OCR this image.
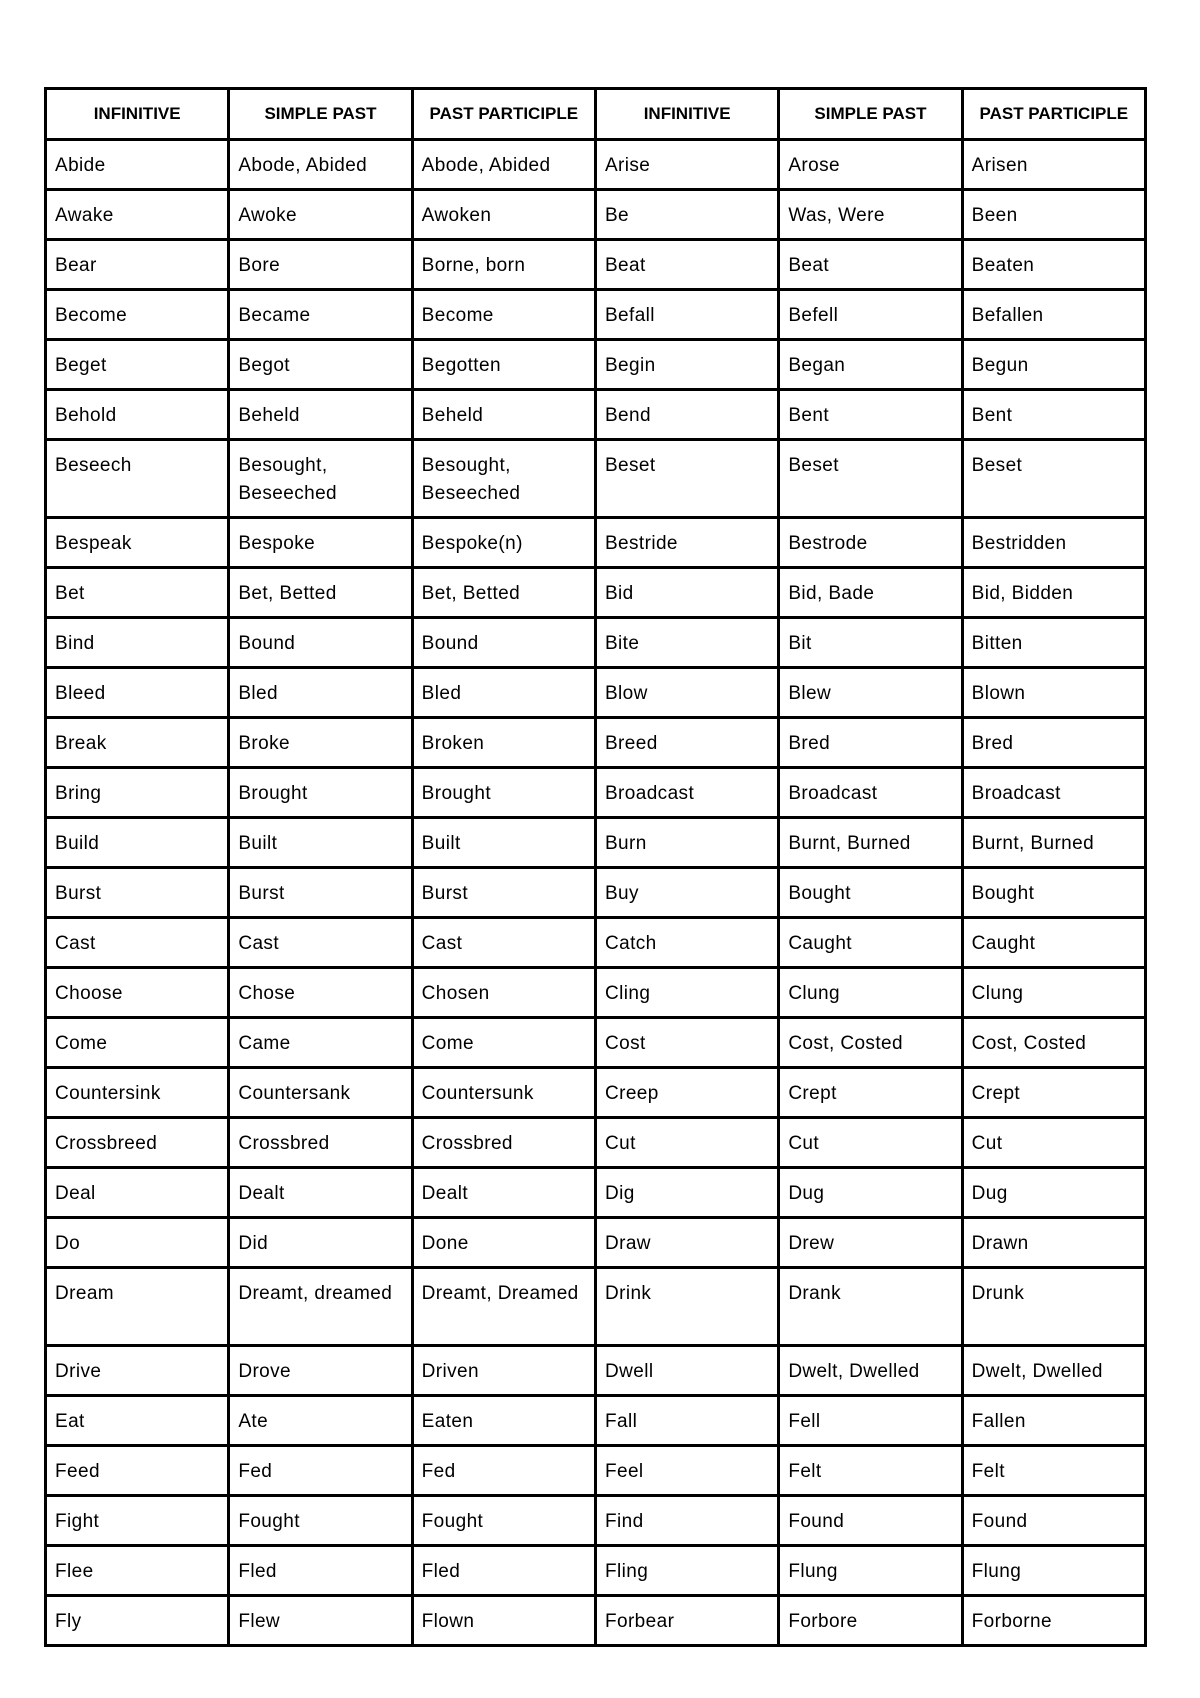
INFINITIVE	SIMPLE PAST	PAST PARTICIPLE	INFINITIVE	SIMPLE PAST	PAST PARTICIPLE
Abide	Abode, Abided	Abode, Abided	Arise	Arose	Arisen
Awake	Awoke	Awoken	Be	Was, Were	Been
Bear	Bore	Borne, born	Beat	Beat	Beaten
Become	Became	Become	Befall	Befell	Befallen
Beget	Begot	Begotten	Begin	Began	Begun
Behold	Beheld	Beheld	Bend	Bent	Bent
Beseech	Besought, Beseeched	Besought, Beseeched	Beset	Beset	Beset
Bespeak	Bespoke	Bespoke(n)	Bestride	Bestrode	Bestridden
Bet	Bet, Betted	Bet, Betted	Bid	Bid, Bade	Bid, Bidden
Bind	Bound	Bound	Bite	Bit	Bitten
Bleed	Bled	Bled	Blow	Blew	Blown
Break	Broke	Broken	Breed	Bred	Bred
Bring	Brought	Brought	Broadcast	Broadcast	Broadcast
Build	Built	Built	Burn	Burnt, Burned	Burnt, Burned
Burst	Burst	Burst	Buy	Bought	Bought
Cast	Cast	Cast	Catch	Caught	Caught
Choose	Chose	Chosen	Cling	Clung	Clung
Come	Came	Come	Cost	Cost, Costed	Cost, Costed
Countersink	Countersank	Countersunk	Creep	Crept	Crept
Crossbreed	Crossbred	Crossbred	Cut	Cut	Cut
Deal	Dealt	Dealt	Dig	Dug	Dug
Do	Did	Done	Draw	Drew	Drawn
Dream	Dreamt, dreamed	Dreamt, Dreamed	Drink	Drank	Drunk
Drive	Drove	Driven	Dwell	Dwelt, Dwelled	Dwelt, Dwelled
Eat	Ate	Eaten	Fall	Fell	Fallen
Feed	Fed	Fed	Feel	Felt	Felt
Fight	Fought	Fought	Find	Found	Found
Flee	Fled	Fled	Fling	Flung	Flung
Fly	Flew	Flown	Forbear	Forbore	Forborne
